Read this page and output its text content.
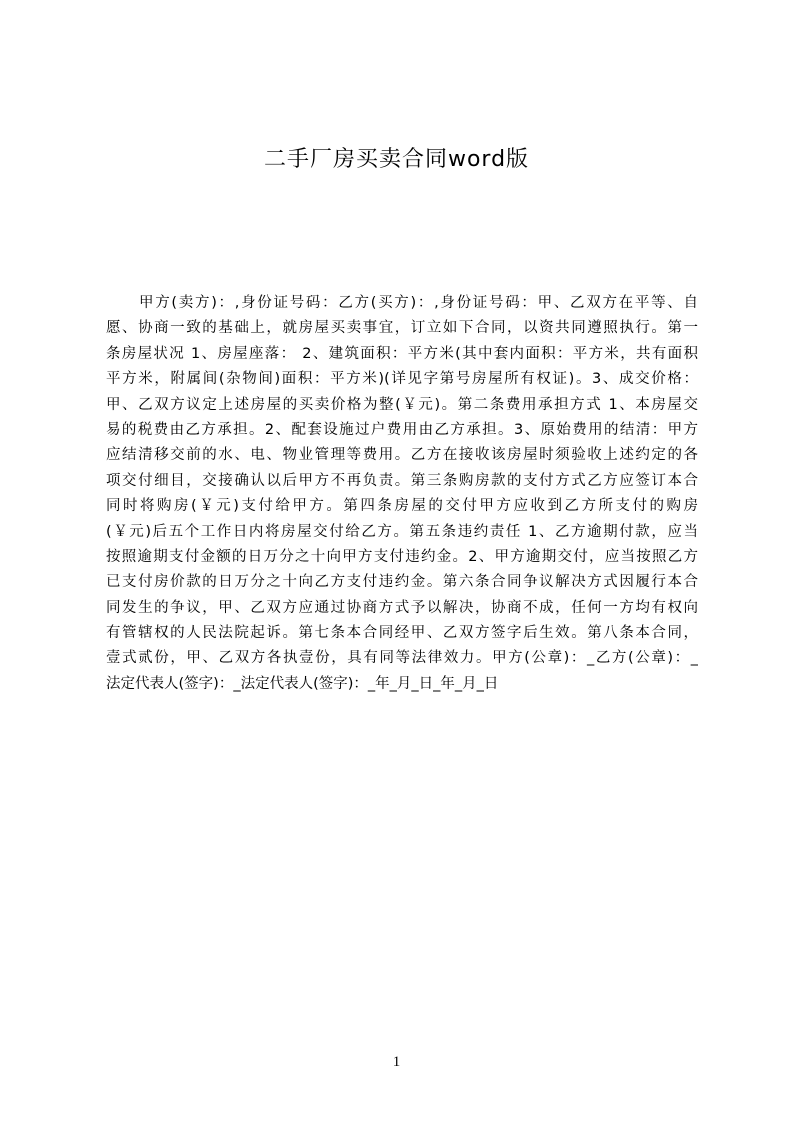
二手厂房买卖合同word版
甲方(卖方)：,身份证号码：乙方(买方)：,身份证号码：甲、乙双方在平等、自
愿、协商一致的基础上，就房屋买卖事宜，订立如下合同，以资共同遵照执行。第一
条房屋状况 1、房屋座落： 2、建筑面积：平方米(其中套内面积：平方米，共有面积
平方米，附属间(杂物间)面积：平方米)(详见字第号房屋所有权证)。3、成交价格：
甲、乙双方议定上述房屋的买卖价格为整(￥元)。第二条费用承担方式 1、本房屋交
易的税费由乙方承担。2、配套设施过户费用由乙方承担。3、原始费用的结清：甲方
应结清移交前的水、电、物业管理等费用。乙方在接收该房屋时须验收上述约定的各
项交付细目，交接确认以后甲方不再负责。第三条购房款的支付方式乙方应签订本合
同时将购房(￥元)支付给甲方。第四条房屋的交付甲方应收到乙方所支付的购房
(￥元)后五个工作日内将房屋交付给乙方。第五条违约责任 1、乙方逾期付款，应当
按照逾期支付金额的日万分之十向甲方支付违约金。2、甲方逾期交付，应当按照乙方
已支付房价款的日万分之十向乙方支付违约金。第六条合同争议解决方式因履行本合
同发生的争议，甲、乙双方应通过协商方式予以解决，协商不成，任何一方均有权向
有管辖权的人民法院起诉。第七条本合同经甲、乙双方签字后生效。第八条本合同，
壹式贰份，甲、乙双方各执壹份，具有同等法律效力。甲方(公章)：_乙方(公章)：_
法定代表人(签字)：_法定代表人(签字)：_年_月_日_年_月_日
1
